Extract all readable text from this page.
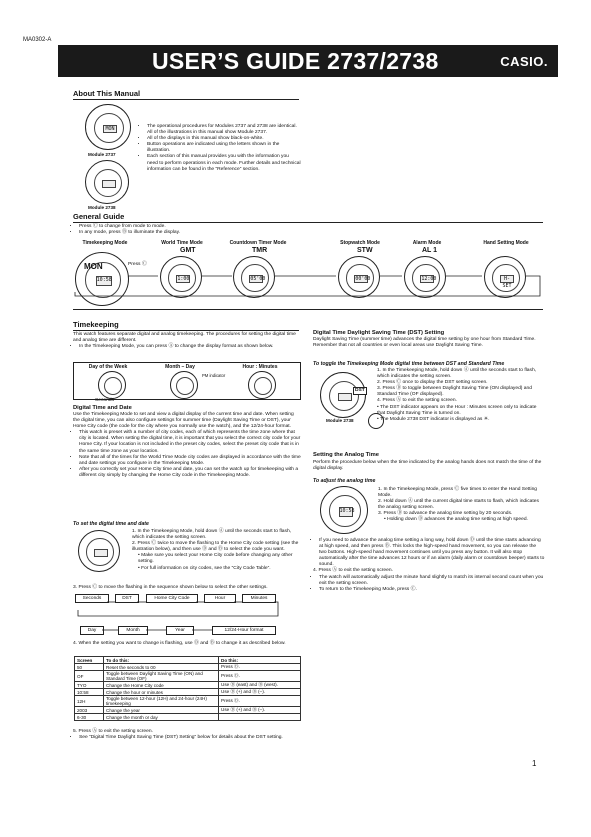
MA0302-A
USER’S GUIDE 2737/2738	CASIO.
About This Manual
MON
Module 2737
Module 2738
• The operational procedures for Modules 2737 and 2738 are identical. All of the illustrations in this manual show Module 2737.
• All of the displays in this manual show black-on-white.
• Button operations are indicated using the letters shown in the illustration.
• Each section of this manual provides you with the information you need to perform operations in each mode. Further details and technical information can be found in the “Reference” section.
General Guide
• Press Ⓒ to change from mode to mode.
• In any mode, press Ⓑ to illuminate the display.
Timekeeping Mode	World Time Mode	Countdown Timer Mode	Stopwatch Mode	Alarm Mode	Hand Setting Mode
10:58
MON	Press Ⓒ
1:00
GMT
05'00
TMR
00'00
STW
12:00
AL 1
H-SET
Timekeeping

This watch features separate digital and analog timekeeping. The procedures for setting the digital time and analog time are different.

• In the Timekeeping Mode, you can press Ⓐ to change the display format as shown below.
Day of the Week	Month – Day	Hour : Minutes
PM indicator
Seconds
Digital Time and Date

Use the Timekeeping Mode to set and view a digital display of the current time and date. When setting the digital time, you can also configure settings for summer time (Daylight Saving Time or DST), your Home City code (the code for the city where you normally use the watch), and the 12/24-hour format.

• This watch is preset with a number of city codes, each of which represents the time zone where that city is located. When setting the digital time, it is important that you select the correct city code for your Home City. If your location is not included in the preset city codes, select the preset city code that is in the same time zone as your location.
• Note that all of the times for the World Time Mode city codes are displayed in accordance with the time and date settings you configure in the Timekeeping Mode.
• After you correctly set your Home City time and date, you can set the watch up for timekeeping with a different city simply by changing the Home City code in the Timekeeping Mode.
To set the digital time and date

1. In the Timekeeping Mode, hold down Ⓐ until the seconds start to flash, which indicates the setting screen.

2. Press Ⓒ twice to move the flashing to the Home City code setting (see the illustration below), and then use Ⓓ and Ⓑ to select the code you want.

• Make sure you select your Home City code before changing any other setting.

• For full information on city codes, see the “City Code Table”.

3. Press Ⓒ to move the flashing in the sequence shown below to select the other settings.
Seconds	DST	Home City Code	Hour	Minutes
Day	Month	Year	12/24-Hour format
4. When the setting you want to change is flashing, use Ⓓ and Ⓑ to change it as described below.
Screen	To do this:	Do this:
50	Reset the seconds to 00	Press Ⓓ.
OF	Toggle between Daylight Saving Time (ON) and Standard Time (OF)	Press Ⓓ.
TYO	Change the Home City code	Use Ⓓ (east) and Ⓑ (west).
10:58	Change the hour or minutes	Use Ⓓ (+) and Ⓑ (–).
12H	Toggle between 12-hour (12H) and 24-hour (24H) timekeeping	Press Ⓓ.
2003	Change the year	Use Ⓓ (+) and Ⓑ (–).
6-30	Change the month or day	

5. Press Ⓐ to exit the setting screen.

• See “Digital Time Daylight Saving Time (DST) Setting” below for details about the DST setting.
Digital Time Daylight Saving Time (DST) Setting
Daylight Saving Time (summer time) advances the digital time setting by one hour from Standard Time. Remember that not all countries or even local areas use Daylight Saving Time.
To toggle the Timekeeping Mode digital time between DST and Standard Time
DST
Module 2738

1. In the Timekeeping Mode, hold down Ⓐ until the seconds start to flash, which indicates the setting screen.

2. Press Ⓒ once to display the DST setting screen.

3. Press Ⓓ to toggle between Daylight Saving Time (ON displayed) and Standard Time (OF displayed).

4. Press Ⓐ to exit the setting screen.

• The DST indicator appears on the Hour : Minutes screen only to indicate that Daylight Saving Time is turned on.

• The Module 2738 DST indicator is displayed as ☀.

Setting the Analog Time
Perform the procedure below when the time indicated by the analog hands does not match the time of the digital display.
To adjust the analog time
10:58

1. In the Timekeeping Mode, press Ⓒ five times to enter the Hand Setting Mode.

2. Hold down Ⓐ until the current digital time starts to flash, which indicates the analog setting screen.

3. Press Ⓓ to advance the analog time setting by 20 seconds.

• Holding down Ⓓ advances the analog time setting at high speed.

• If you need to advance the analog time setting a long way, hold down Ⓓ until the time starts advancing at high speed, and then press Ⓑ. This locks the high-speed hand movement, so you can release the two buttons. High-speed hand movement continues until you press any button. It will also stop automatically after the time advances 12 hours or if an alarm (daily alarm or countdown beeper) starts to sound.

4. Press Ⓐ to exit the setting screen.

• The watch will automatically adjust the minute hand slightly to match its internal second count when you exit the setting screen.
• To return to the Timekeeping Mode, press Ⓒ.
1
